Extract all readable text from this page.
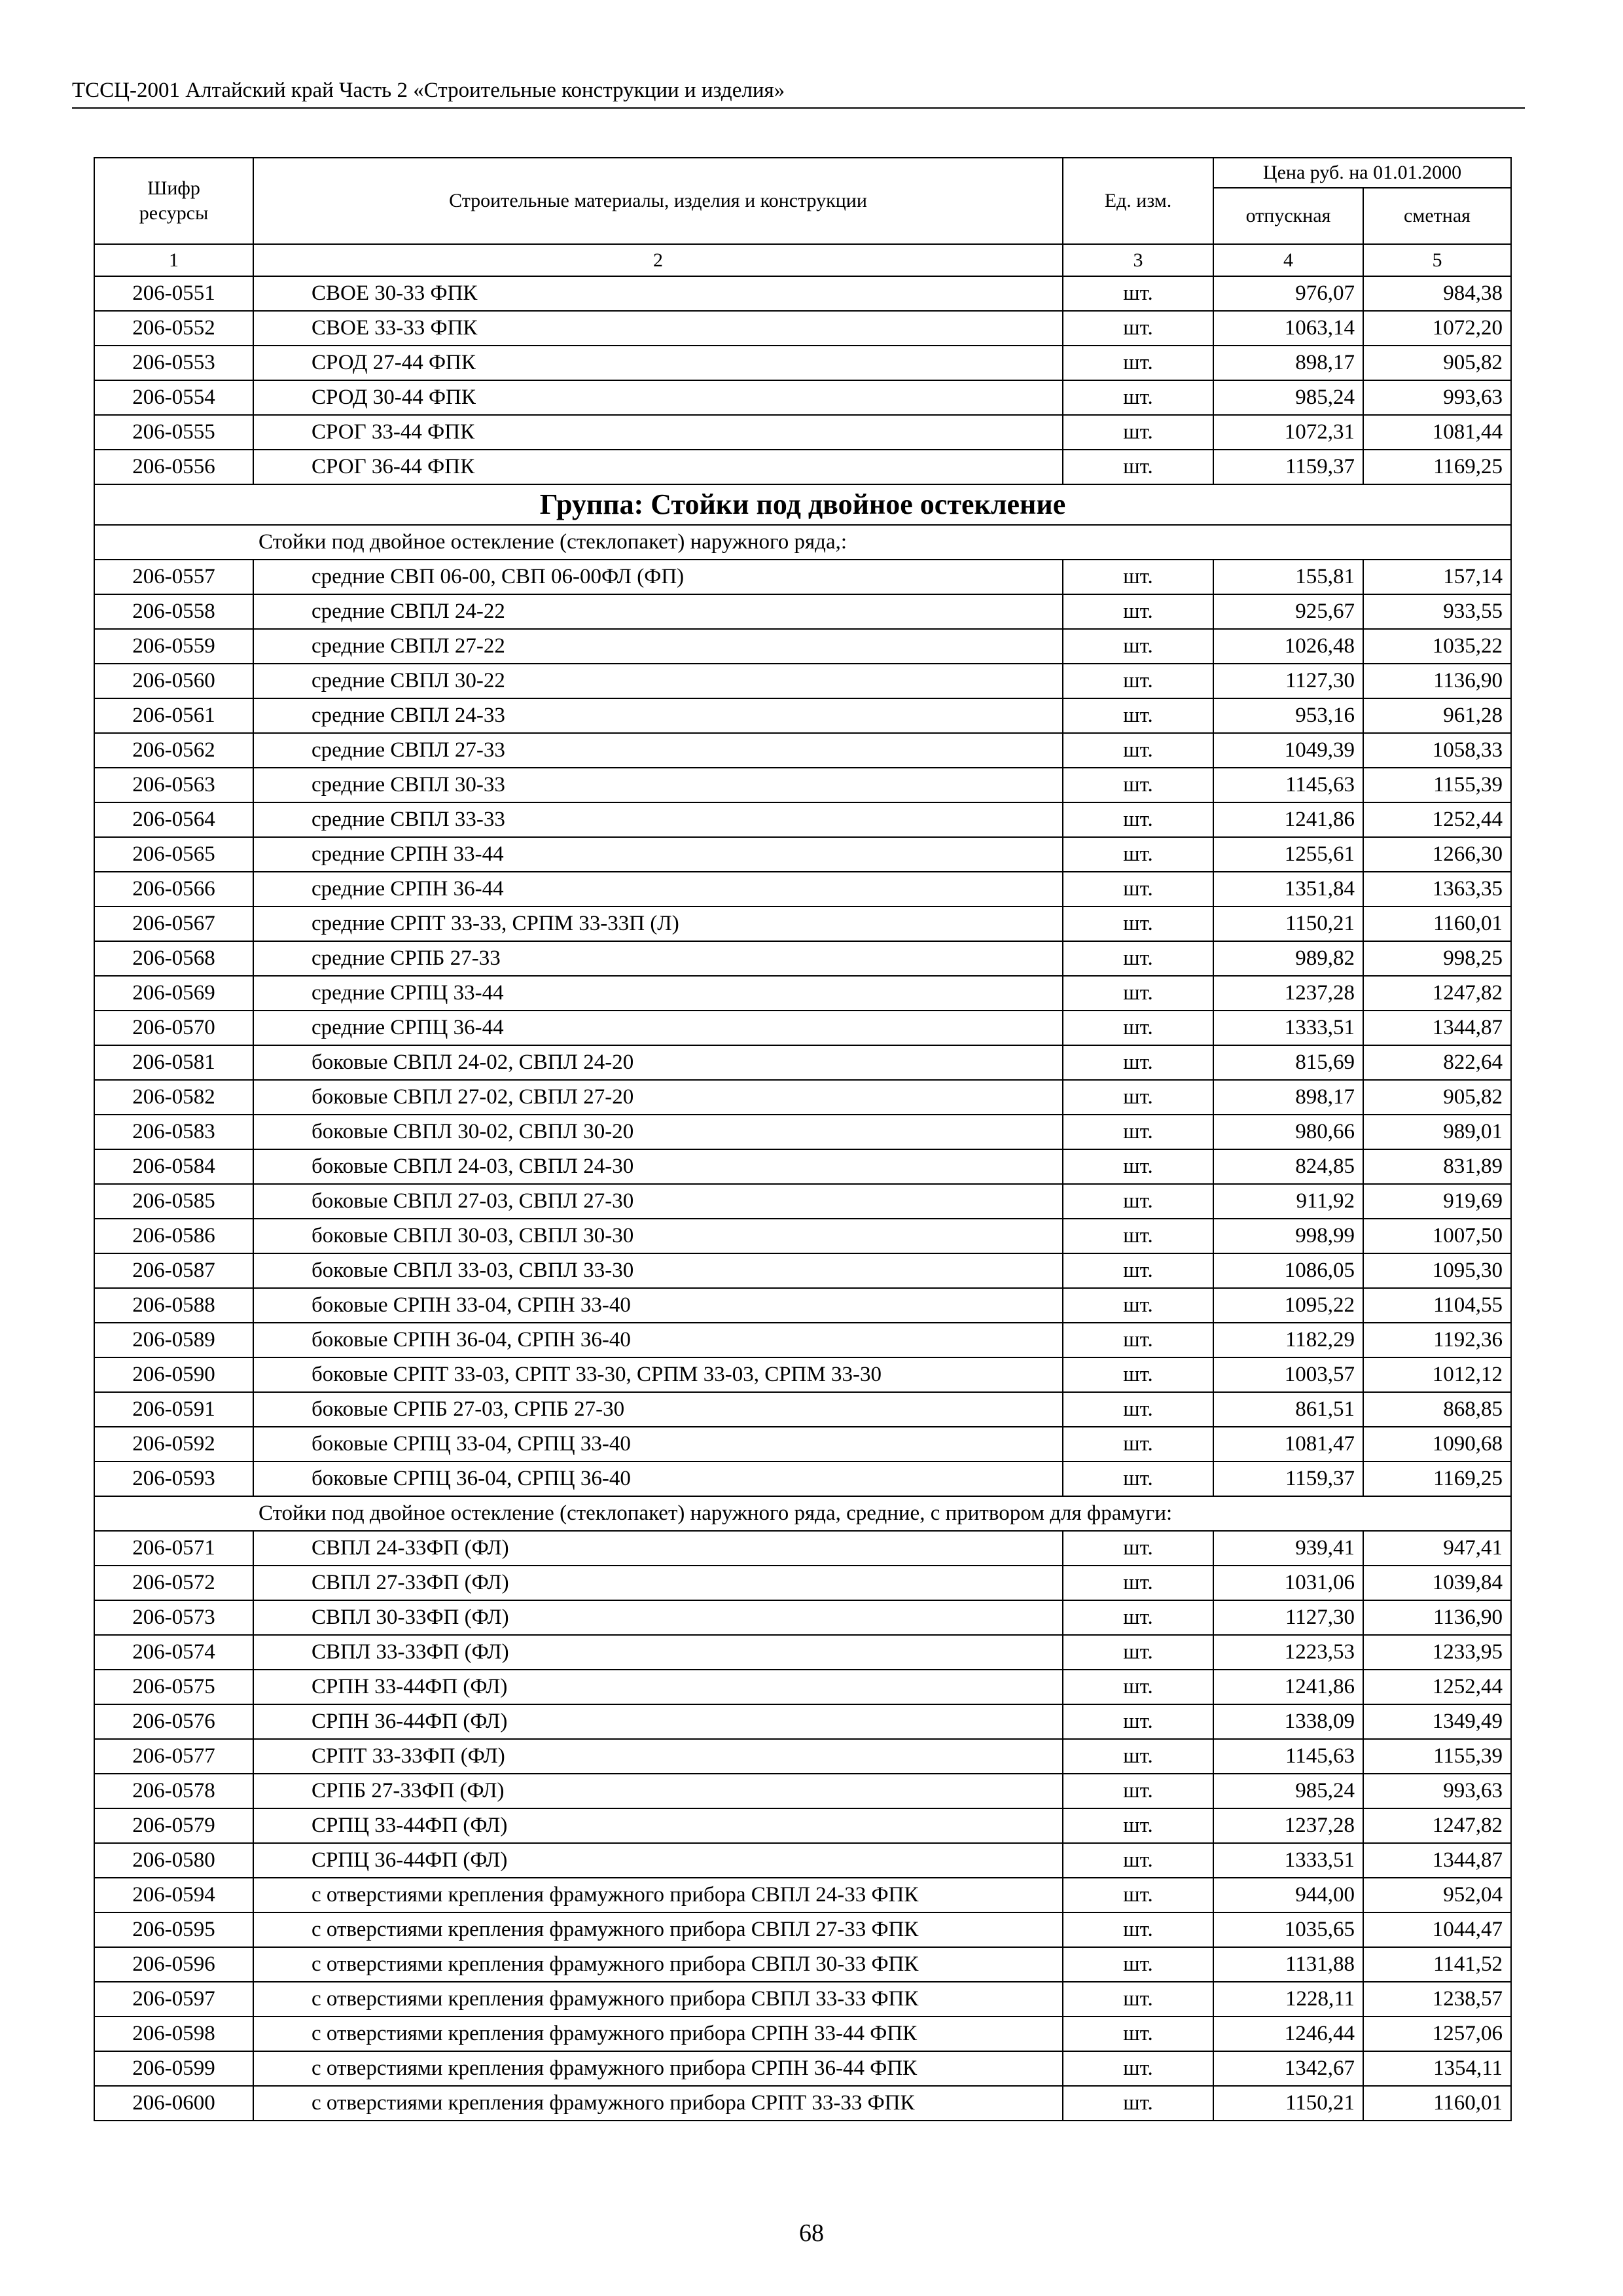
ТССЦ-2001 Алтайский край Часть 2 «Строительные конструкции и изделия»
Шифр ресурсы	Строительные материалы, изделия и конструкции	Ед. изм.	Цена руб. на 01.01.2000	
			отпускная	сметная
1	2	3	4	5
206-0551	СВОЕ 30-33 ФПК	шт.	976,07	984,38
206-0552	СВОЕ 33-33 ФПК	шт.	1063,14	1072,20
206-0553	СРОД 27-44 ФПК	шт.	898,17	905,82
206-0554	СРОД 30-44 ФПК	шт.	985,24	993,63
206-0555	СРОГ 33-44 ФПК	шт.	1072,31	1081,44
206-0556	СРОГ 36-44 ФПК	шт.	1159,37	1169,25
Группа: Стойки под двойное остекление				
Стойки под двойное остекление (стеклопакет) наружного ряда,:				
206-0557	средние СВП 06-00, СВП 06-00ФЛ (ФП)	шт.	155,81	157,14
206-0558	средние СВПЛ 24-22	шт.	925,67	933,55
206-0559	средние СВПЛ 27-22	шт.	1026,48	1035,22
206-0560	средние СВПЛ 30-22	шт.	1127,30	1136,90
206-0561	средние СВПЛ 24-33	шт.	953,16	961,28
206-0562	средние СВПЛ 27-33	шт.	1049,39	1058,33
206-0563	средние СВПЛ 30-33	шт.	1145,63	1155,39
206-0564	средние СВПЛ 33-33	шт.	1241,86	1252,44
206-0565	средние СРПН 33-44	шт.	1255,61	1266,30
206-0566	средние СРПН 36-44	шт.	1351,84	1363,35
206-0567	средние СРПТ 33-33, СРПМ 33-33П (Л)	шт.	1150,21	1160,01
206-0568	средние СРПБ 27-33	шт.	989,82	998,25
206-0569	средние СРПЦ 33-44	шт.	1237,28	1247,82
206-0570	средние СРПЦ 36-44	шт.	1333,51	1344,87
206-0581	боковые СВПЛ 24-02, СВПЛ 24-20	шт.	815,69	822,64
206-0582	боковые СВПЛ 27-02, СВПЛ 27-20	шт.	898,17	905,82
206-0583	боковые СВПЛ 30-02, СВПЛ 30-20	шт.	980,66	989,01
206-0584	боковые СВПЛ 24-03, СВПЛ 24-30	шт.	824,85	831,89
206-0585	боковые СВПЛ 27-03, СВПЛ 27-30	шт.	911,92	919,69
206-0586	боковые СВПЛ 30-03, СВПЛ 30-30	шт.	998,99	1007,50
206-0587	боковые СВПЛ 33-03, СВПЛ 33-30	шт.	1086,05	1095,30
206-0588	боковые СРПН 33-04, СРПН 33-40	шт.	1095,22	1104,55
206-0589	боковые СРПН 36-04, СРПН 36-40	шт.	1182,29	1192,36
206-0590	боковые СРПТ 33-03, СРПТ 33-30, СРПМ 33-03, СРПМ 33-30	шт.	1003,57	1012,12
206-0591	боковые СРПБ 27-03, СРПБ 27-30	шт.	861,51	868,85
206-0592	боковые СРПЦ 33-04, СРПЦ 33-40	шт.	1081,47	1090,68
206-0593	боковые СРПЦ 36-04, СРПЦ 36-40	шт.	1159,37	1169,25
Стойки под двойное остекление (стеклопакет) наружного ряда, средние, с притвором для фрамуги:				
206-0571	СВПЛ 24-33ФП (ФЛ)	шт.	939,41	947,41
206-0572	СВПЛ 27-33ФП (ФЛ)	шт.	1031,06	1039,84
206-0573	СВПЛ 30-33ФП (ФЛ)	шт.	1127,30	1136,90
206-0574	СВПЛ 33-33ФП (ФЛ)	шт.	1223,53	1233,95
206-0575	СРПН 33-44ФП (ФЛ)	шт.	1241,86	1252,44
206-0576	СРПН 36-44ФП (ФЛ)	шт.	1338,09	1349,49
206-0577	СРПТ 33-33ФП (ФЛ)	шт.	1145,63	1155,39
206-0578	СРПБ 27-33ФП (ФЛ)	шт.	985,24	993,63
206-0579	СРПЦ 33-44ФП (ФЛ)	шт.	1237,28	1247,82
206-0580	СРПЦ 36-44ФП (ФЛ)	шт.	1333,51	1344,87
206-0594	с отверстиями крепления фрамужного прибора СВПЛ 24-33 ФПК	шт.	944,00	952,04
206-0595	с отверстиями крепления фрамужного прибора СВПЛ 27-33 ФПК	шт.	1035,65	1044,47
206-0596	с отверстиями крепления фрамужного прибора СВПЛ 30-33 ФПК	шт.	1131,88	1141,52
206-0597	с отверстиями крепления фрамужного прибора СВПЛ 33-33 ФПК	шт.	1228,11	1238,57
206-0598	с отверстиями крепления фрамужного прибора СРПН 33-44 ФПК	шт.	1246,44	1257,06
206-0599	с отверстиями крепления фрамужного прибора СРПН 36-44 ФПК	шт.	1342,67	1354,11
206-0600	с отверстиями крепления фрамужного прибора СРПТ 33-33 ФПК	шт.	1150,21	1160,01
68
